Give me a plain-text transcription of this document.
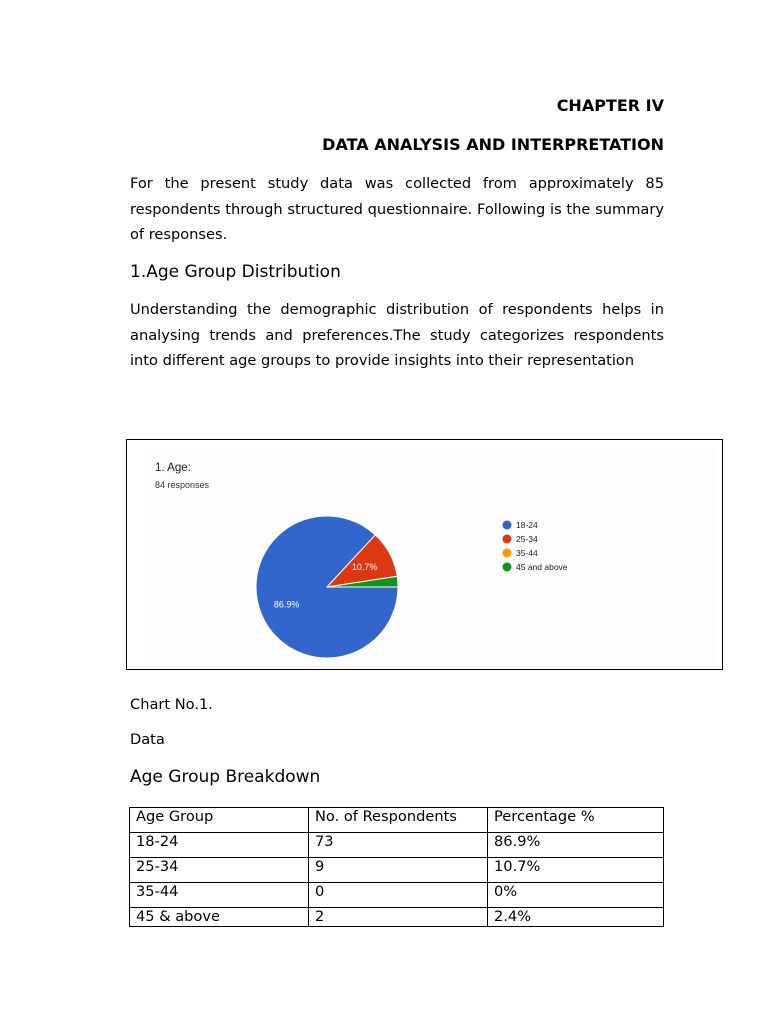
CHAPTER IV
DATA ANALYSIS AND INTERPRETATION
For the present study data was collected from approximately 85 respondents through structured questionnaire. Following is the summary of responses.
1.Age Group Distribution
Understanding the demographic distribution of respondents helps in analysing trends and preferences.The study categorizes respondents into different age groups to provide insights into their representation
1. Age:
84 responses
86.9%
10.7%
18-24
25-34
35-44
45 and above
Chart No.1.
Data
Age Group Breakdown
Age Group	No. of Respondents	Percentage %
18-24	73	86.9%
25-34	9	10.7%
35-44	0	0%
45 & above	2	2.4%
